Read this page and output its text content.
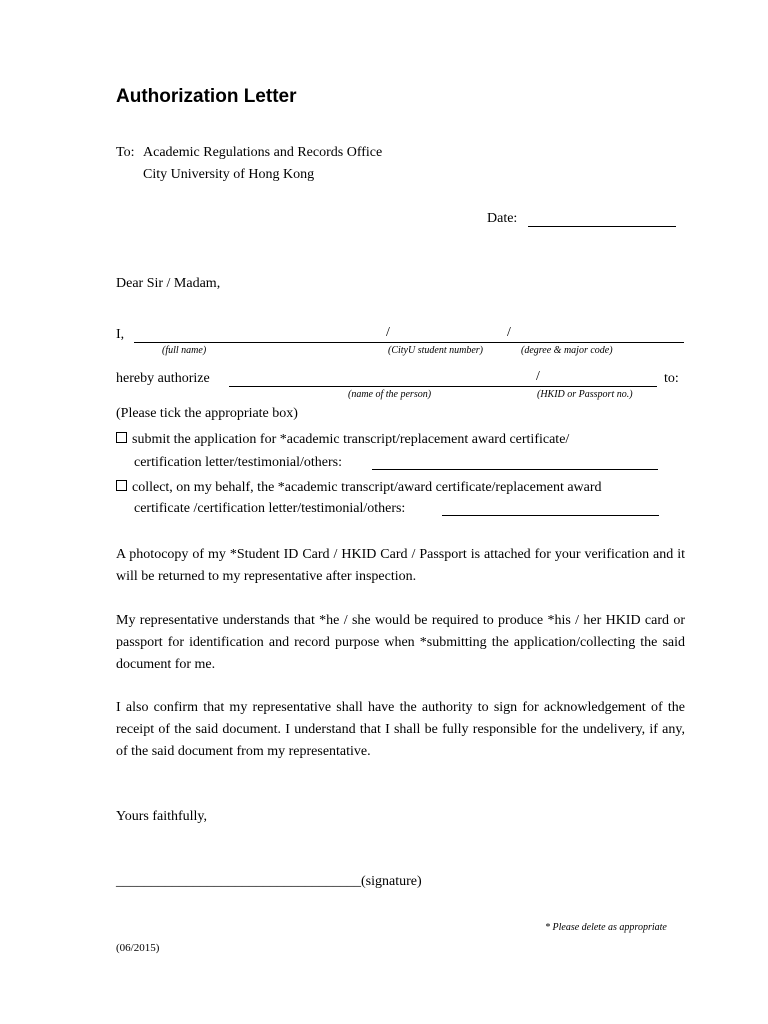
Authorization Letter
To: Academic Regulations and Records Office
City University of Hong Kong
Date:
Dear Sir / Madam,
I,	/	/
(full name)	(CityU student number)	(degree & major code)
hereby authorize	/	to:
(name of the person)	(HKID or Passport no.)
(Please tick the appropriate box)
submit the application for *academic transcript/replacement award certificate/
certification letter/testimonial/others:
collect, on my behalf, the *academic transcript/award certificate/replacement award
certificate /certification letter/testimonial/others:
A photocopy of my *Student ID Card / HKID Card / Passport is attached for your verification and it will be returned to my representative after inspection.
My representative understands that *he / she would be required to produce *his / her HKID card or passport for identification and record purpose when *submitting the application/collecting the said document for me.
I also confirm that my representative shall have the authority to sign for acknowledgement of the receipt of the said document. I understand that I shall be fully responsible for the undelivery, if any, of the said document from my representative.
Yours faithfully,
___________________________________(signature)
* Please delete as appropriate
(06/2015)
